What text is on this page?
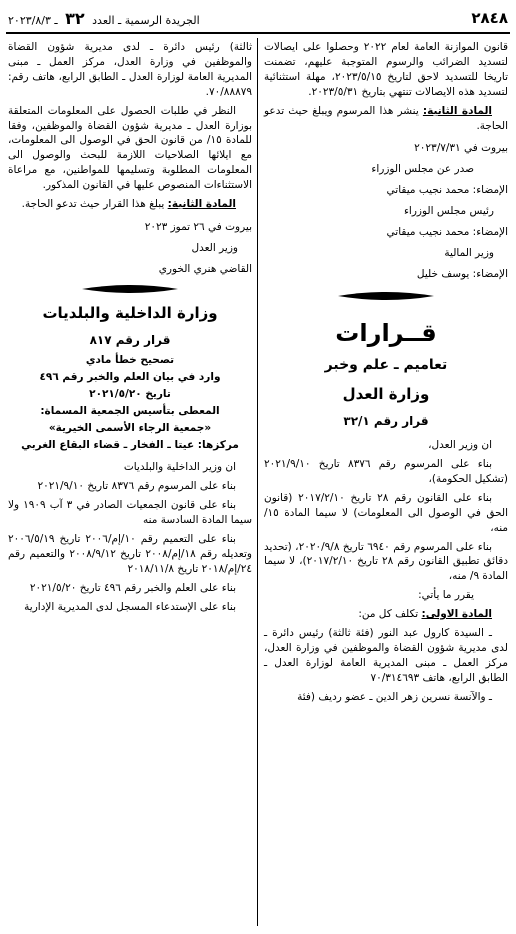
٢٨٤٨
الجريدة الرسمية ـ العدد ٣٢ ـ ٢٠٢٣/٨/٣

قانون الموازنة العامة لعام ٢٠٢٢ وحصلوا على ايصالات لتسديد الضرائب والرسوم المتوجبة عليهم، تضمنت تاريخا للتسديد لاحق لتاريخ ٢٠٢٣/٥/١٥، مهلة استثنائية لتسديد هذه الايصالات تنتهي بتاريخ ٢٠٢٣/٥/٣١.

المادة الثانية: ينشر هذا المرسوم ويبلغ حيث تدعو الحاجة.

بيروت في ٢٠٢٣/٧/٣١

صدر عن مجلس الوزراء

الإمضاء: محمد نجيب ميقاتي

رئيس مجلس الوزراء

الإمضاء: محمد نجيب ميقاتي

وزير المالية

الإمضاء: يوسف خليل

قــرارات

تعاميم ـ علم وخبر

وزارة العدل

قرار رقم ٣٢/١

ان وزير العدل،

بناء على المرسوم رقم ٨٣٧٦ تاريخ ٢٠٢١/٩/١٠ (تشكيل الحكومة)،

بناء على القانون رقم ٢٨ تاريخ ٢٠١٧/٢/١٠ (قانون الحق في الوصول الى المعلومات) لا سيما المادة ١٥/ منه،

بناء على المرسوم رقم ٦٩٤٠ تاريخ ٢٠٢٠/٩/٨، (تحديد دقائق تطبيق القانون رقم ٢٨ تاريخ ٢٠١٧/٢/١٠)، لا سيما المادة ٩/ منه،

يقرر ما يأتي:

المادة الاولى: تكلف كل من:

ـ السيدة كارول عبد النور (فئة ثالثة) رئيس دائرة ـ لدى مديرية شؤون القضاة والموظفين في وزارة العدل، مركز العمل ـ مبنى المديرية العامة لوزارة العدل ـ الطابق الرابع، هاتف ٧٠/٣١٤٦٩٣

ـ والآنسة نسرين زهر الدين ـ عضو رديف (فئة

ثالثة) رئيس دائرة ـ لدى مديرية شؤون القضاة والموظفين في وزارة العدل، مركز العمل ـ مبنى المديرية العامة لوزارة العدل ـ الطابق الرابع، هاتف رقم: ٧٠/٨٨٨٧٩.

النظر في طلبات الحصول على المعلومات المتعلقة بوزارة العدل ـ مديرية شؤون القضاة والموظفين، وفقا للمادة ١٥/ من قانون الحق في الوصول الى المعلومات، مع ايلائها الصلاحيات اللازمة للبحث والوصول الى المعلومات المطلوبة وتسليمها للمواطنين، مع مراعاة الاستثناءات المنصوص عليها في القانون المذكور.

المادة الثانية: يبلغ هذا القرار حيث تدعو الحاجة.

بيروت في ٢٦ تموز ٢٠٢٣

وزير العدل

القاضي هنري الخوري

وزارة الداخلية والبلديات

قرار رقم ٨١٧

تصحيح خطأ مادي

وارد في بيان العلم والخبر رقم ٤٩٦

تاريخ ٢٠٢١/٥/٢٠

المعطى بتأسيس الجمعية المسماة:

«جمعية الرجاء الأسمى الخيرية»

مركزها: عيتا ـ الفخار ـ قضاء البقاع الغربي

ان وزير الداخلية والبلديات

بناء على المرسوم رقم ٨٣٧٦ تاريخ ٢٠٢١/٩/١٠

بناء على قانون الجمعيات الصادر في ٣ آب ١٩٠٩ ولا سيما المادة السادسة منه

بناء على التعميم رقم ١٠/إم/٢٠٠٦ تاريخ ٢٠٠٦/٥/١٩ وتعديله رقم ١٨/إم/٢٠٠٨ تاريخ ٢٠٠٨/٩/١٢ والتعميم رقم ٢٤/إم/٢٠١٨ تاريخ ٢٠١٨/١١/٨

بناء على العلم والخبر رقم ٤٩٦ تاريخ ٢٠٢١/٥/٢٠

بناء على الإستدعاء المسجل لدى المديرية الإدارية
